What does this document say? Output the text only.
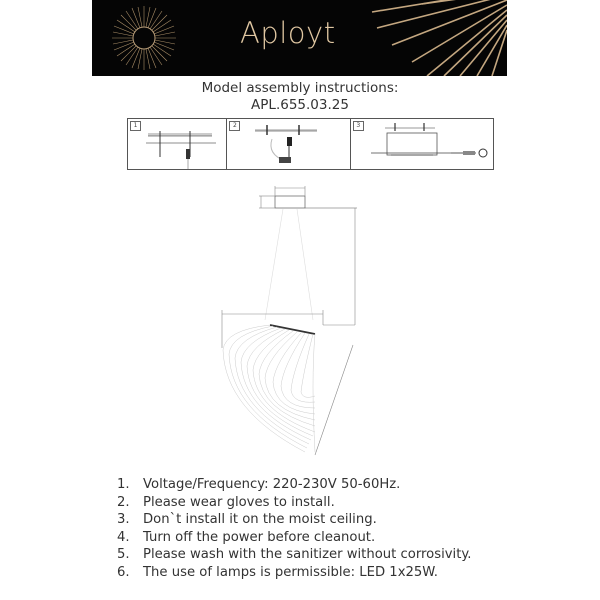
Aployt
Model assembly instructions:
APL.655.03.25
1	2	3
1.	Voltage/Frequency: 220-230V 50-60Hz.
2.	Please wear gloves to install.
3.	Don`t install it on the moist ceiling.
4.	Turn off the power before cleanout.
5.	Please wash with the sanitizer without corrosivity.
6.	The use of lamps is permissible: LED 1x25W.
